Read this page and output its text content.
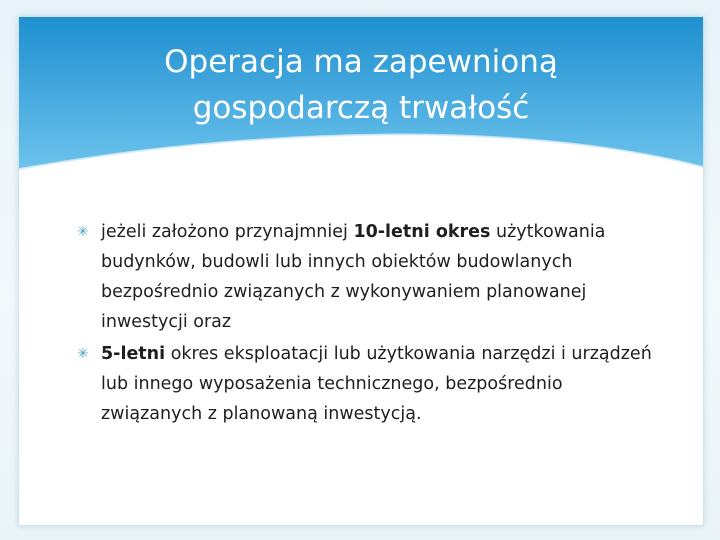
Operacja ma zapewnioną
gospodarczą trwałość
✳ jeżeli założono przynajmniej 10-letni okres użytkowania budynków, budowli lub innych obiektów budowlanych bezpośrednio związanych z wykonywaniem planowanej inwestycji oraz
✳ 5-letni okres eksploatacji lub użytkowania narzędzi i urządzeń lub innego wyposażenia technicznego, bezpośrednio związanych z planowaną inwestycją.
